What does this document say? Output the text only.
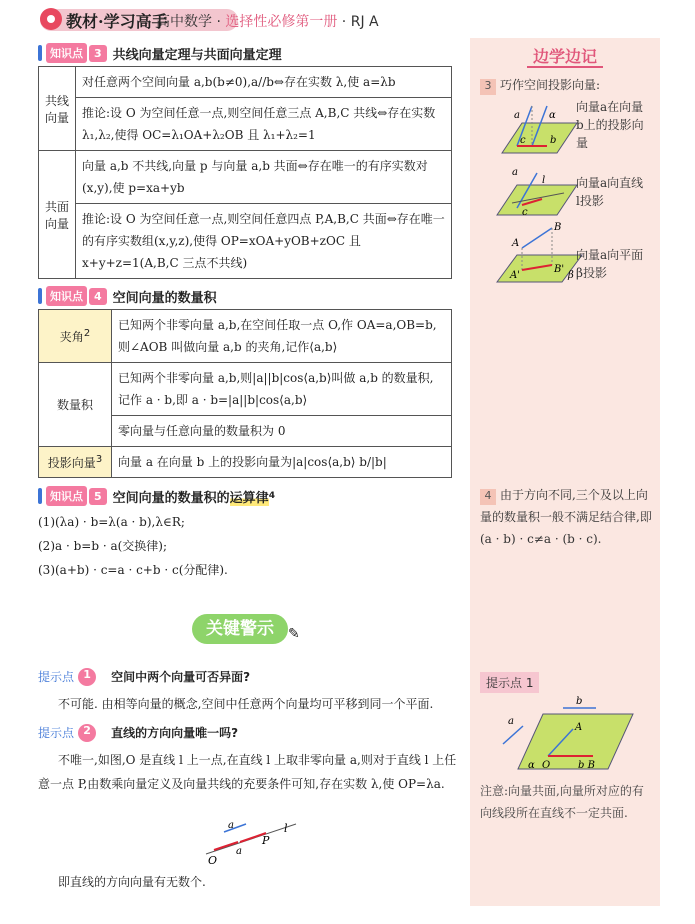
教材·学习高手
高中数学 · 选择性必修第一册 · RJ A
边学边记
3 巧作空间投影向量:
a	α
c b
向量a在向量b上的投影向量
a
l
c
向量a向直线l投影
A
B
A'
B'
β
向量a向平面β投影
4 由于方向不同,三个及以上向量的数量积一般不满足结合律,即(a · b) · c≠a · (b · c).
提示点 1
a
b
A
O	b B
α
注意:向量共面,向量所对应的有向线段所在直线不一定共面.
知识点	3 共线向量定理与共面向量定理
共线
向量	对任意两个空间向量 a,b(b≠0),a//b⇔存在实数 λ,使 a=λb
	推论:设 O 为空间任意一点,则空间任意三点 A,B,C 共线⇔存在实数 λ₁,λ₂,使得 OC=λ₁OA+λ₂OB 且 λ₁+λ₂=1
共面
向量	向量 a,b 不共线,向量 p 与向量 a,b 共面⇔存在唯一的有序实数对(x,y),使 p=xa+yb
	推论:设 O 为空间任意一点,则空间任意四点 P,A,B,C 共面⇔存在唯一的有序实数组(x,y,z),使得 OP=xOA+yOB+zOC 且 x+y+z=1(A,B,C 三点不共线)
知识点	4 空间向量的数量积
夹角$^2$	已知两个非零向量 a,b,在空间任取一点 O,作 OA=a,OB=b,则∠AOB 叫做向量 a,b 的夹角,记作⟨a,b⟩
数量积	已知两个非零向量 a,b,则|a||b|cos⟨a,b⟩叫做 a,b 的数量积,记作 a · b,即 a · b=|a||b|cos⟨a,b⟩
	零向量与任意向量的数量积为 0
投影向量$^3$	向量 a 在向量 b 上的投影向量为|a|cos⟨a,b⟩ b/|b|
知识点	5 空间向量的数量积的 运算律 4
(1)(λa) · b=λ(a · b),λ∈R;
(2)a · b=b · a(交换律);
(3)(a+b) · c=a · c+b · c(分配律).
关键警示	✎
提示点 1	空间中两个向量可否异面?
不可能. 由相等向量的概念,空间中任意两个向量均可平移到同一个平面.
提示点 2	直线的方向向量唯一吗?
不唯一,如图,O 是直线 l 上一点,在直线 l 上取非零向量 a,则对于直线 l 上任意一点 P,由数乘向量定义及向量共线的充要条件可知,存在实数 λ,使 OP=λa.
O
a
P
l
a
即直线的方向向量有无数个.
